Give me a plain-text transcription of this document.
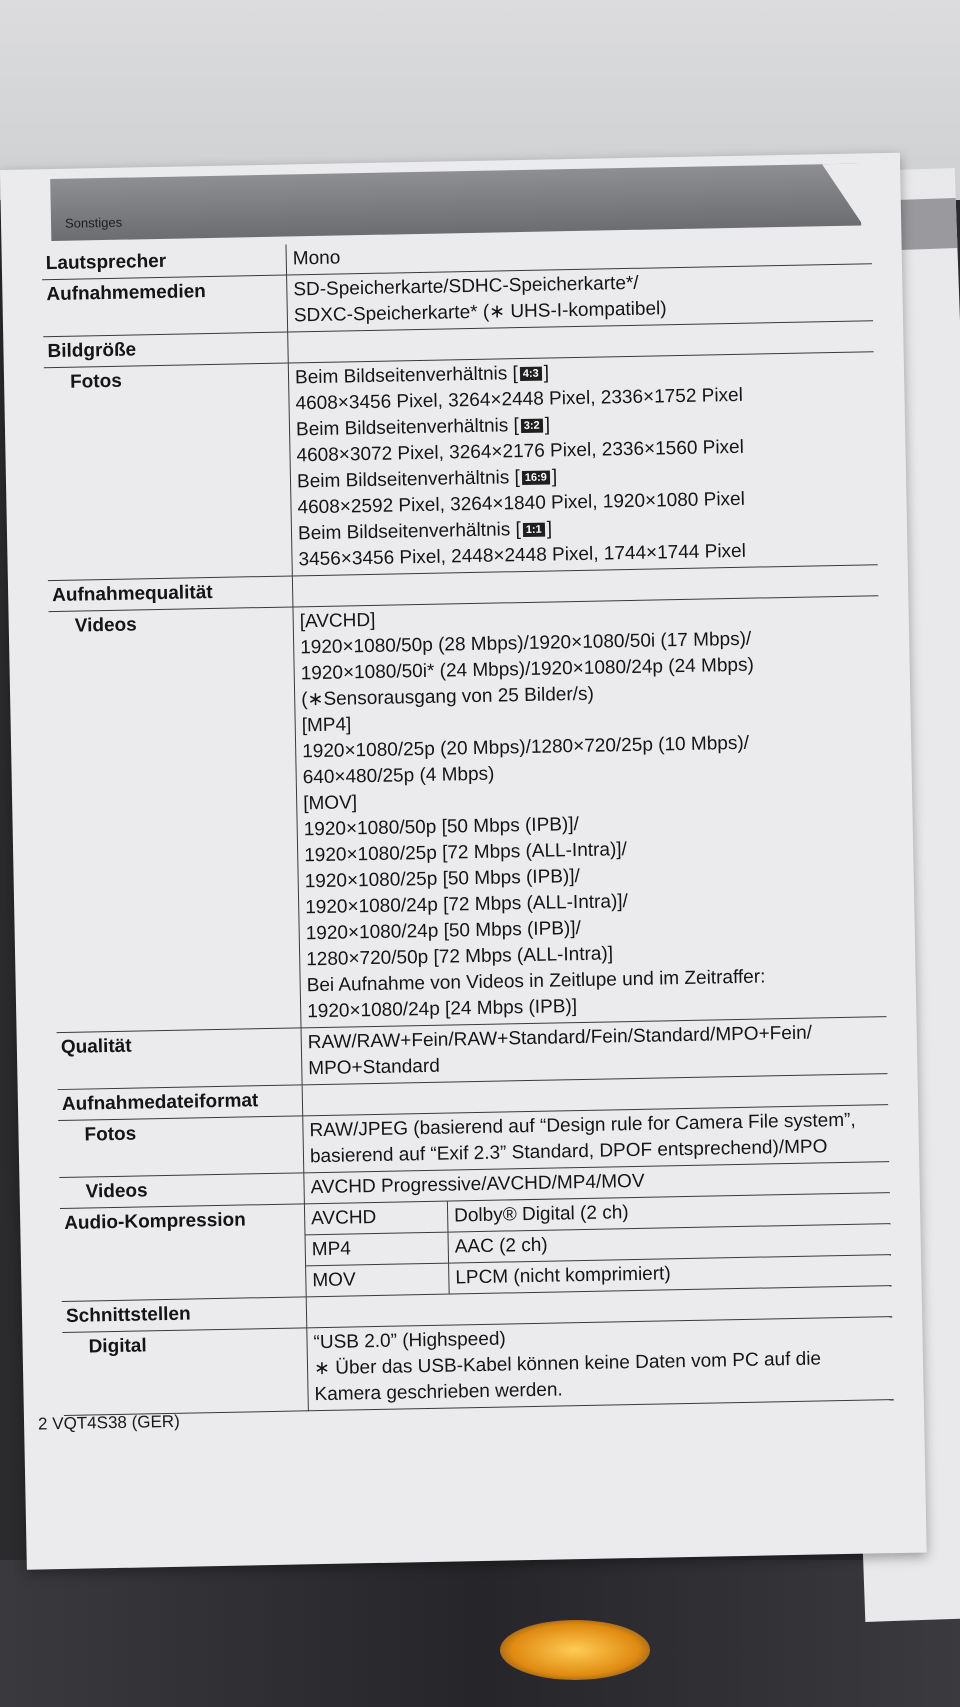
Sonstiges
Lautsprecher	Mono
Aufnahmemedien	SD-Speicherkarte/SDHC-Speicherkarte*/
SDXC-Speicherkarte* (∗ UHS-I-kompatibel)

Bildgröße	
Fotos	Beim Bildseitenverhältnis [ 4:3 ]
4608×3456 Pixel, 3264×2448 Pixel, 2336×1752 Pixel
Beim Bildseitenverhältnis [ 3:2 ]
4608×3072 Pixel, 3264×2176 Pixel, 2336×1560 Pixel
Beim Bildseitenverhältnis [ 16:9 ]
4608×2592 Pixel, 3264×1840 Pixel, 1920×1080 Pixel
Beim Bildseitenverhältnis [ 1:1 ]
3456×3456 Pixel, 2448×2448 Pixel, 1744×1744 Pixel

Aufnahmequalität	
Videos	[AVCHD]
1920×1080/50p (28 Mbps)/1920×1080/50i (17 Mbps)/
1920×1080/50i* (24 Mbps)/1920×1080/24p (24 Mbps)
(∗Sensorausgang von 25 Bilder/s)
[MP4]
1920×1080/25p (20 Mbps)/1280×720/25p (10 Mbps)/
640×480/25p (4 Mbps)
[MOV]
1920×1080/50p [50 Mbps (IPB)]/
1920×1080/25p [72 Mbps (ALL-Intra)]/
1920×1080/25p [50 Mbps (IPB)]/
1920×1080/24p [72 Mbps (ALL-Intra)]/
1920×1080/24p [50 Mbps (IPB)]/
1280×720/50p [72 Mbps (ALL-Intra)]
Bei Aufnahme von Videos in Zeitlupe und im Zeitraffer:
1920×1080/24p [24 Mbps (IPB)]

Qualität	RAW/RAW+Fein/RAW+Standard/Fein/Standard/MPO+Fein/
MPO+Standard

Aufnahmedateiformat	
Fotos	RAW/JPEG (basierend auf “Design rule for Camera File system”,
basierend auf “Exif 2.3” Standard, DPOF entsprechend)/MPO

Videos	AVCHD Progressive/AVCHD/MP4/MOV
Audio-Kompression		AVCHD	Dolby® Digital (2 ch)
MP4	AAC (2 ch)
MOV	LPCM (nicht komprimiert)

Schnittstellen	
Digital	“USB 2.0” (Highspeed)
∗ Über das USB-Kabel können keine Daten vom PC auf die Kamera geschrieben werden.
2 VQT4S38 (GER)
